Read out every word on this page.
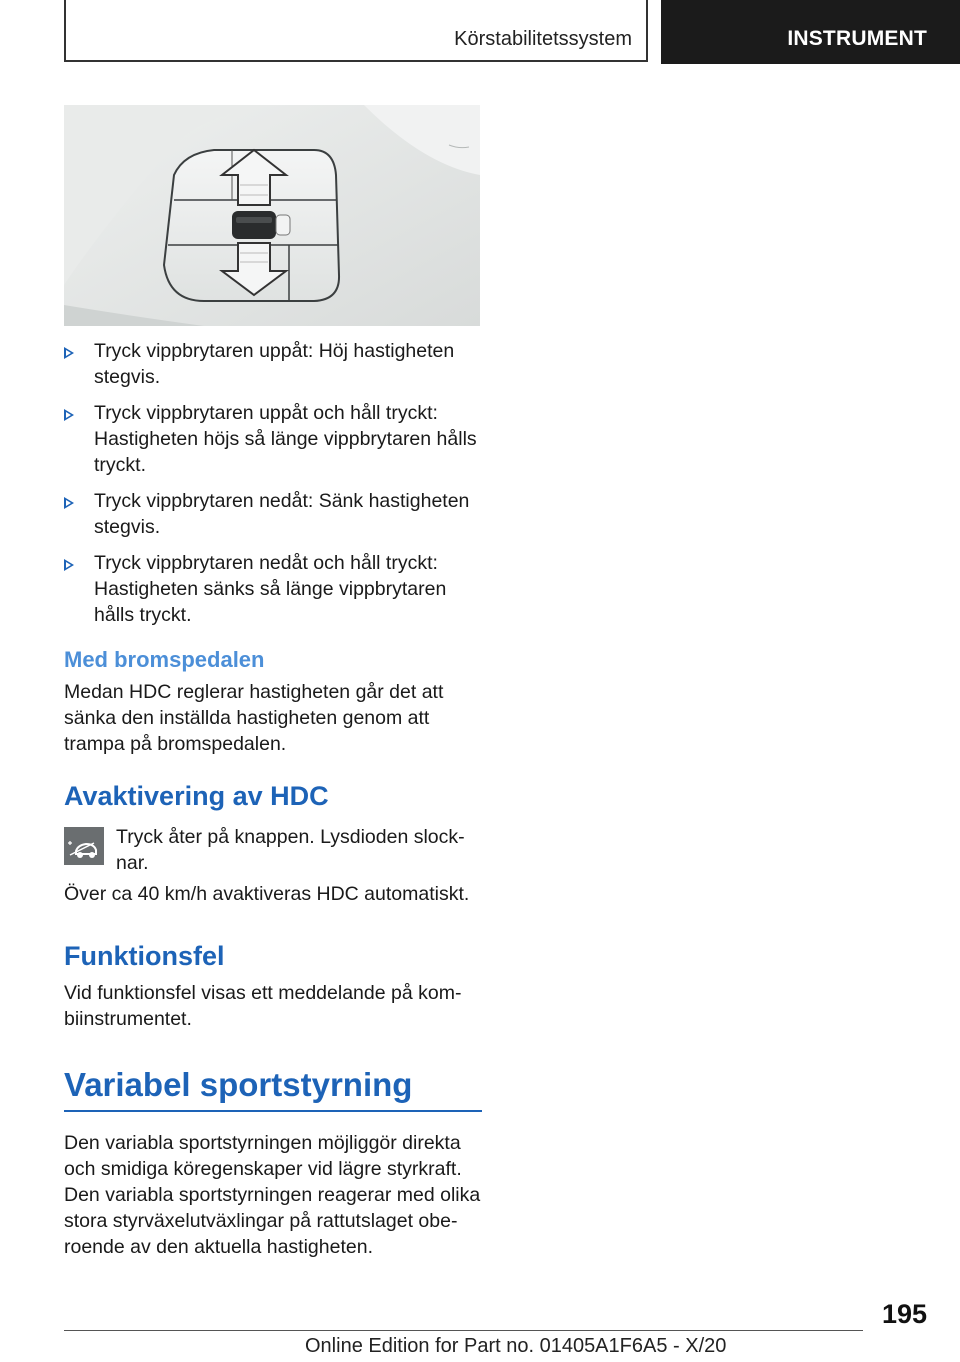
Körstabilitetssystem	INSTRUMENT
Tryck vippbrytaren uppåt: Höj hastigheten stegvis.
Tryck vippbrytaren uppåt och håll tryckt: Hastigheten höjs så länge vippbrytaren hålls tryckt.
Tryck vippbrytaren nedåt: Sänk hastigheten stegvis.
Tryck vippbrytaren nedåt och håll tryckt: Hastigheten sänks så länge vippbrytaren hålls tryckt.
Med bromspedalen

Medan HDC reglerar hastigheten går det att sänka den inställda hastigheten genom att trampa på bromspedalen.

Avaktivering av HDC

Tryck åter på knappen. Lysdioden slocknar.

Över ca 40 km/h avaktiveras HDC automatiskt.

Funktionsfel

Vid funktionsfel visas ett meddelande på kombiinstrumentet.

Variabel sportstyrning

Den variabla sportstyrningen möjliggör direkta och smidiga köregenskaper vid lägre styrkraft. Den variabla sportstyrningen reagerar med olika stora styrväxelutväxlingar på rattutslaget oberoende av den aktuella hastigheten.

195
Online Edition for Part no. 01405A1F6A5 - X/20
